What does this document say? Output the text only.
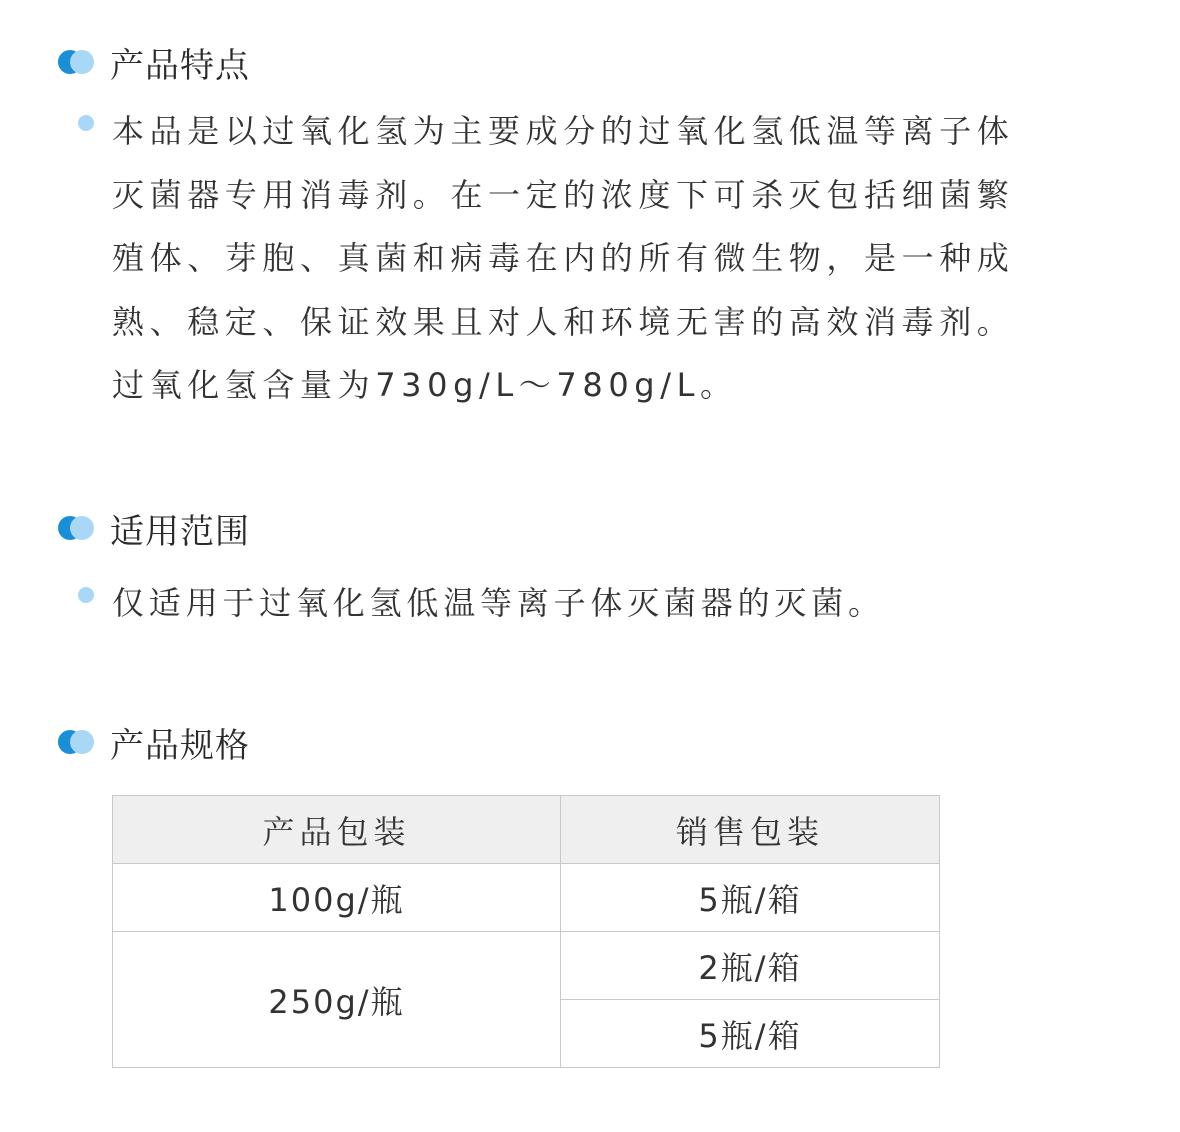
产品特点
本品是以过氧化氢为主要成分的过氧化氢低温等离子体
灭菌器专用消毒剂。在一定的浓度下可杀灭包括细菌繁
殖体、芽胞、真菌和病毒在内的所有微生物，是一种成
熟、稳定、保证效果且对人和环境无害的高效消毒剂。
过氧化氢含量为730g/L～780g/L。
适用范围
仅适用于过氧化氢低温等离子体灭菌器的灭菌。
产品规格
产品包装	销售包装
100g/瓶	5瓶/箱
250g/瓶	2瓶/箱
	5瓶/箱
